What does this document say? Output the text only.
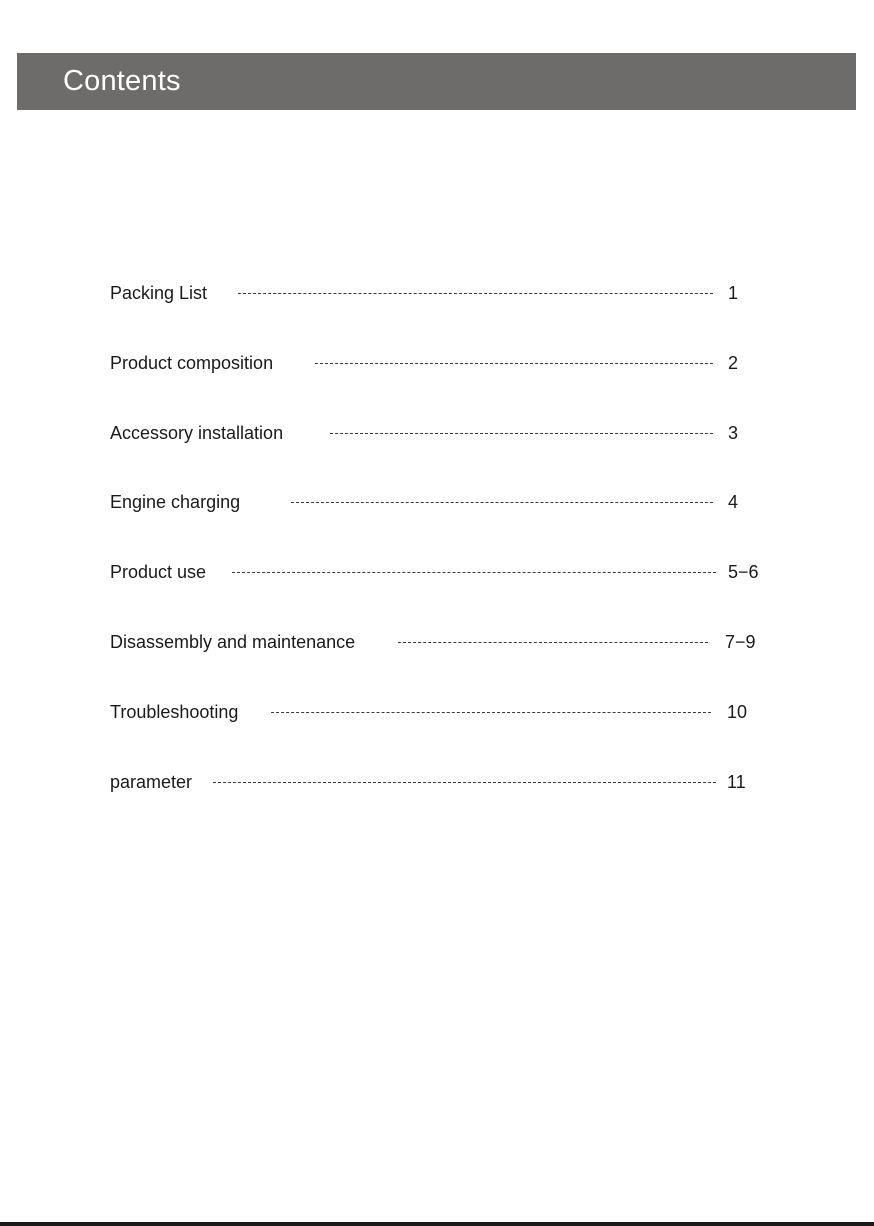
Contents
Packing List	1
Product composition	2
Accessory installation	3
Engine charging	4
Product use	5−6
Disassembly and maintenance	7−9
Troubleshooting	10
parameter	11
